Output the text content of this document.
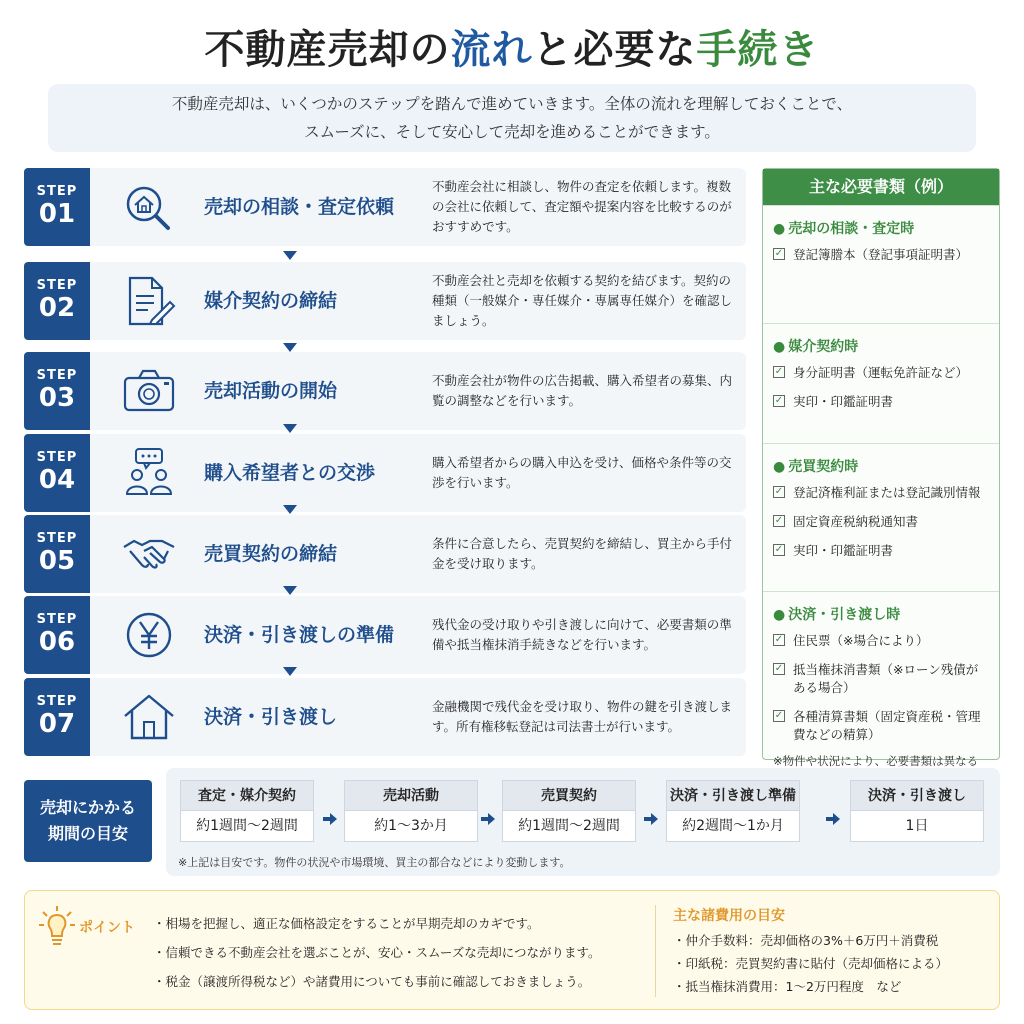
不動産売却の流れと必要な手続き
不動産売却は、いくつかのステップを踏んで進めていきます。全体の流れを理解しておくことで、
スムーズに、そして安心して売却を進めることができます。
STEP
01	売却の相談・査定依頼
不動産会社に相談し、物件の査定を依頼します。複数の会社に依頼して、査定額や提案内容を比較するのがおすすめです。
STEP
02	媒介契約の締結
不動産会社と売却を依頼する契約を結びます。契約の種類（一般媒介・専任媒介・専属専任媒介）を確認しましょう。
STEP
03	売却活動の開始	不動産会社が物件の広告掲載、購入希望者の募集、内覧の調整などを行います。
STEP
04	購入希望者との交渉	購入希望者からの購入申込を受け、価格や条件等の交渉を行います。
STEP
05	売買契約の締結	条件に合意したら、売買契約を締結し、買主から手付金を受け取ります。
STEP
06	決済・引き渡しの準備	残代金の受け取りや引き渡しに向けて、必要書類の準備や抵当権抹消手続きなどを行います。
STEP
07	決済・引き渡し	金融機関で残代金を受け取り、物件の鍵を引き渡します。所有権移転登記は司法書士が行います。
主な必要書類（例）
● 売却の相談・査定時
✓ 登記簿謄本（登記事項証明書）
● 媒介契約時
✓ 身分証明書（運転免許証など）
✓ 実印・印鑑証明書
● 売買契約時
✓ 登記済権利証または登記識別情報
✓ 固定資産税納税通知書
✓ 実印・印鑑証明書
● 決済・引き渡し時
✓ 住民票（※場合により）
✓ 抵当権抹消書類（※ローン残債がある場合）
✓ 各種清算書類（固定資産税・管理費などの精算）
※物件や状況により、必要書類は異なる
売却にかかる
期間の目安
査定・媒介契約
約1週間〜2週間
売却活動
約1〜3か月
売買契約
約1週間〜2週間
決済・引き渡し準備
約2週間〜1か月
決済・引き渡し
1日
※上記は目安です。物件の状況や市場環境、買主の都合などにより変動します。
ポイント
・	相場を把握し、適正な価格設定をすることが早期売却のカギです。
・ 信頼できる不動産会社を選ぶことが、安心・スムーズな売却につながります。
・ 税金（譲渡所得税など）や諸費用についても事前に確認しておきましょう。
主な諸費用の目安
・ 仲介手数料：売却価格の3%＋6万円＋消費税
・ 印紙税：売買契約書に貼付（売却価格による）
・ 抵当権抹消費用：1〜2万円程度　など
